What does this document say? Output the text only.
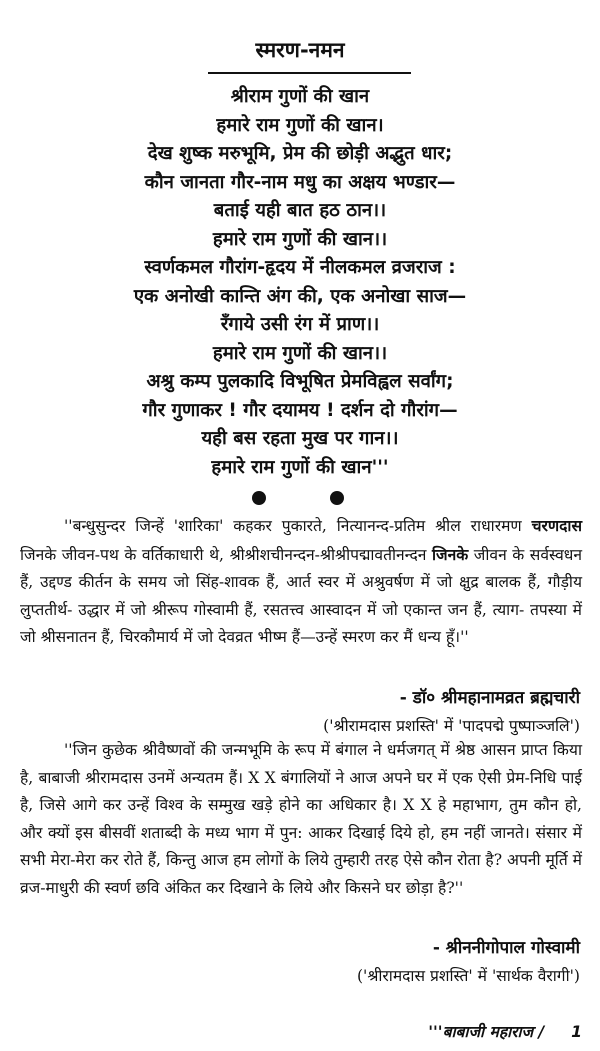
स्मरण-नमन
श्रीराम गुणों की खान
हमारे राम गुणों की खान।
देख शुष्क मरुभूमि, प्रेम की छोड़ी अद्भुत धार;
कौन जानता गौर-नाम मधु का अक्षय भण्डार—
बताई यही बात हठ ठान।।
हमारे राम गुणों की खान।।
स्वर्णकमल गौरांग-हृदय में नीलकमल व्रजराज :
एक अनोखी कान्ति अंग की, एक अनोखा साज—
रँगाये उसी रंग में प्राण।।
हमारे राम गुणों की खान।।
अश्रु कम्प पुलकादि विभूषित प्रेमविह्वल सर्वांग;
गौर गुणाकर ! गौर दयामय ! दर्शन दो गौरांग—
यही बस रहता मुख पर गान।।
हमारे राम गुणों की खान'''

''बन्धुसुन्दर जिन्हें 'शारिका' कहकर पुकारते, नित्यानन्द-प्रतिम श्रील राधारमण चरणदास जिनके जीवन-पथ के वर्तिकाधारी थे, श्रीश्रीशचीनन्दन-श्रीश्रीपद्मावतीनन्दन जिनके जीवन के सर्वस्वधन हैं, उद्दण्ड कीर्तन के समय जो सिंह-शावक हैं, आर्त स्वर में अश्रुवर्षण में जो क्षुद्र बालक हैं, गौड़ीय लुप्ततीर्थ- उद्धार में जो श्रीरूप गोस्वामी हैं, रसतत्त्व आस्वादन में जो एकान्त जन हैं, त्याग- तपस्या में जो श्रीसनातन हैं, चिरकौमार्य में जो देवव्रत भीष्म हैं—उन्हें स्मरण कर मैं धन्य हूँ।''

- डॉ० श्रीमहानामव्रत ब्रह्मचारी
('श्रीरामदास प्रशस्ति' में 'पादपद्मे पुष्पाञ्जलि')

''जिन कुछेक श्रीवैष्णवों की जन्मभूमि के रूप में बंगाल ने धर्मजगत् में श्रेष्ठ आसन प्राप्त किया है, बाबाजी श्रीरामदास उनमें अन्यतम हैं। X X बंगालियों ने आज अपने घर में एक ऐसी प्रेम-निधि पाई है, जिसे आगे कर उन्हें विश्व के सम्मुख खड़े होने का अधिकार है। X X हे महाभाग, तुम कौन हो, और क्यों इस बीसवीं शताब्दी के मध्य भाग में पुन: आकर दिखाई दिये हो, हम नहीं जानते। संसार में सभी मेरा-मेरा कर रोते हैं, किन्तु आज हम लोगों के लिये तुम्हारी तरह ऐसे कौन रोता है? अपनी मूर्ति में व्रज-माधुरी की स्वर्ण छवि अंकित कर दिखाने के लिये और किसने घर छोड़ा है?''

- श्रीननीगोपाल गोस्वामी
('श्रीरामदास प्रशस्ति' में 'सार्थक वैरागी')
'''बाबाजी महाराज / 1
